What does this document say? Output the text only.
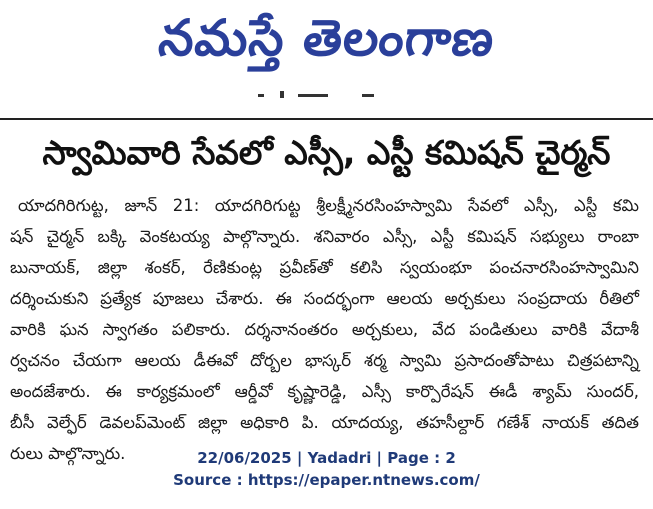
నమస్తే తెలంగాణ
స్వామివారి సేవలో ఎస్సీ, ఎస్టీ కమిషన్ చైర్మన్
యాదగిరిగుట్ట, జూన్ 21: యాదగిరిగుట్ట శ్రీలక్ష్మీనరసింహస్వామి సేవలో ఎస్సీ, ఎస్టీ కమి
షన్ చైర్మన్ బక్కి వెంకటయ్య పాల్గొన్నారు. శనివారం ఎస్సీ, ఎస్టీ కమిషన్ సభ్యులు రాంబా
బునాయక్, జిల్లా శంకర్, రేణికుంట్ల ప్రవీణ్‌తో కలిసి స్వయంభూ పంచనారసింహస్వామిని
దర్శించుకుని ప్రత్యేక పూజలు చేశారు. ఈ సందర్భంగా ఆలయ అర్చకులు సంప్రదాయ రీతిలో
వారికి ఘన స్వాగతం పలికారు. దర్శనానంతరం అర్చకులు, వేద పండితులు వారికి వేదాశీ
ర్వచనం చేయగా ఆలయ డీఈవో దోర్బల భాస్కర్ శర్మ స్వామి ప్రసాదంతోపాటు చిత్రపటాన్ని
అందజేశారు. ఈ కార్యక్రమంలో ఆర్డీవో కృష్ణారెడ్డి, ఎస్సీ కార్పొరేషన్ ఈడీ శ్యామ్ సుందర్,
బీసీ వెల్ఫేర్ డెవలప్‌మెంట్ జిల్లా అధికారి పి. యాదయ్య, తహసీల్దార్ గణేశ్ నాయక్ తదిత
రులు పాల్గొన్నారు.	22/06/2025 | Yadadri | Page : 2
Source : https://epaper.ntnews.com/
